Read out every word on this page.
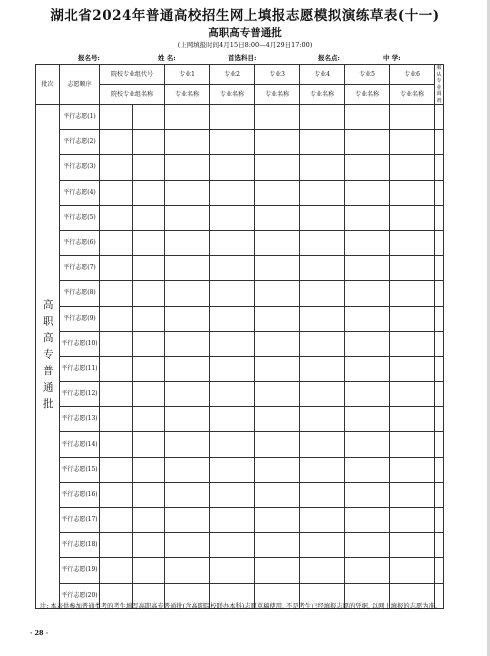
湖北省2024年普通高校招生网上填报志愿模拟演练草表(十一)
高职高专普通批
(上网填报时间4月15日8:00—4月29日17:00)
报名号:	姓 名:	首选科目:	报名点:	中 学:
批次	志愿顺序	院校专业组代号		专业1	专业2	专业3	专业4	专业5	专业6	服从专业调剂

		院校专业组名称		专业名称	专业名称	专业名称	专业名称	专业名称	专业名称	

高职高专普通批	平行志愿(1)									
	平行志愿(2)									
	平行志愿(3)									
	平行志愿(4)									
	平行志愿(5)									
	平行志愿(6)									
	平行志愿(7)									
	平行志愿(8)									
	平行志愿(9)									
	平行志愿(10)									
	平行志愿(11)									
	平行志愿(12)									
	平行志愿(13)									
	平行志愿(14)									
	平行志愿(15)									
	平行志愿(16)									
	平行志愿(17)									
	平行志愿(18)									
	平行志愿(19)									
	平行志愿(20)									
注: 本表供参加普通类考的考生填写高职高专普通批(含高职院校联办本科)志愿草稿使用, 不是考生已经填报志愿的凭据, 以网上填报的志愿为准。
· 28 ·
